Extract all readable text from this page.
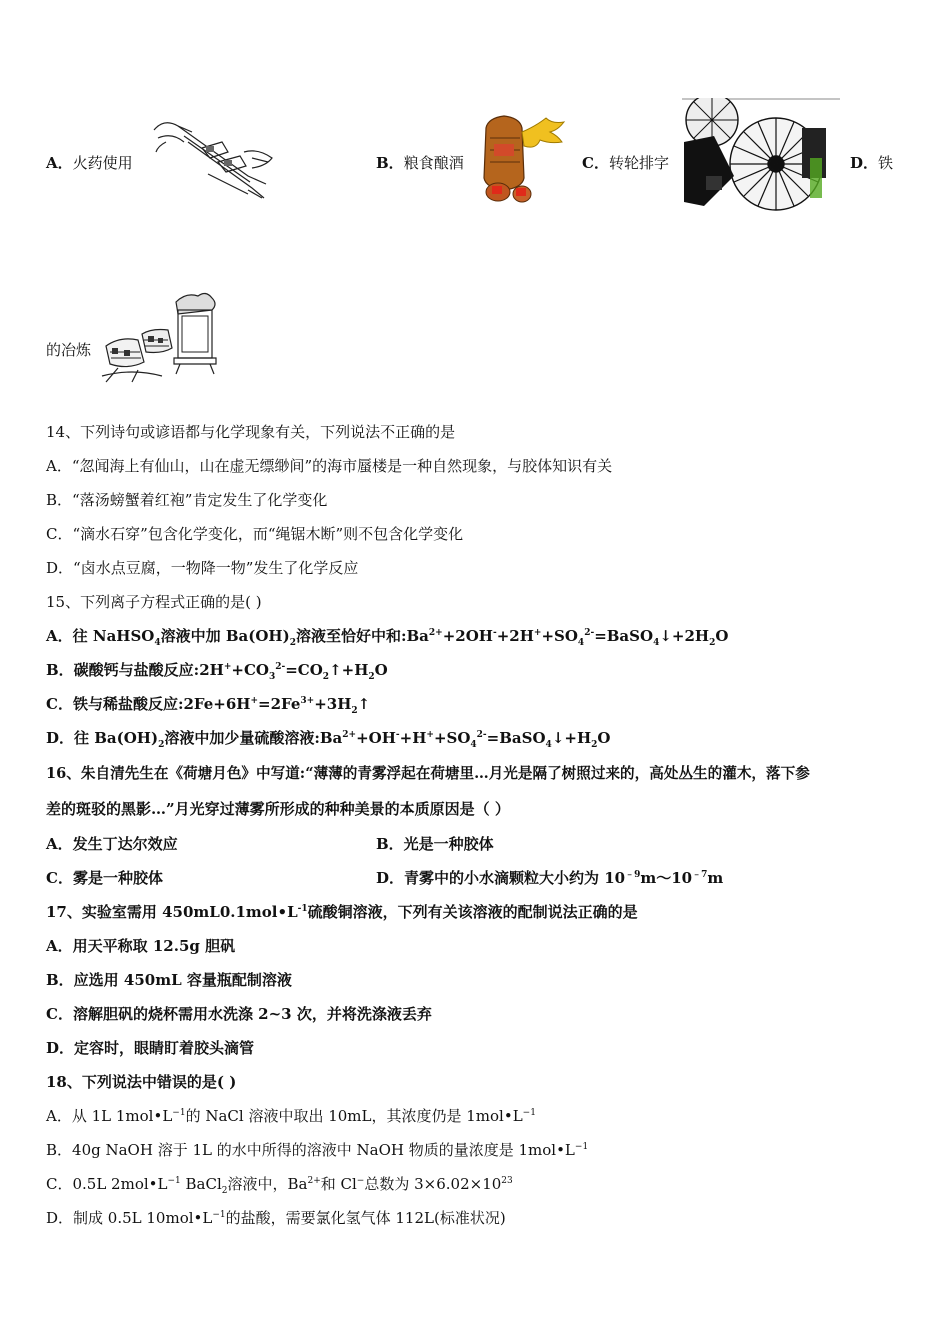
A．火药使用	B．粮食酿酒	C．转轮排字	D．铁
的冶炼
14、下列诗句或谚语都与化学现象有关，下列说法不正确的是
A．“忽闻海上有仙山，山在虚无缥缈间”的海市蜃楼是一种自然现象，与胶体知识有关
B．“落汤螃蟹着红袍”肯定发生了化学变化
C．“滴水石穿”包含化学变化，而“绳锯木断”则不包含化学变化
D．“卤水点豆腐，一物降一物”发生了化学反应
15、下列离子方程式正确的是( )
A．往 NaHSO$_4$溶液中加 $Ba(OH)_2$溶液至恰好中和$:Ba^{2+}+2OH^-+2H^++SO_4^{2-}=BaSO_4↓+2H_2O$
B．碳酸钙与盐酸反应$:2H^++CO_3^{2-}=CO_2↑+H_2O$
C．铁与稀盐酸反应$:2Fe+6H^+=2Fe^{3+}+3H_2↑$
D．往 $Ba(OH)_2$溶液中加少量硫酸溶液$:Ba^{2+}+OH^-+H^++SO_4^{2-}=BaSO_4↓+H_2O$
16、朱自清先生在《荷塘月色》中写道:“薄薄的青雾浮起在荷塘里…月光是隔了树照过来的，高处丛生的灌木，落下参
差的斑驳的黑影…”月光穿过薄雾所形成的种种美景的本质原因是（ ）
A．发生丁达尔效应	B．光是一种胶体
C．雾是一种胶体	D．青雾中的小水滴颗粒大小约为 $10^{﹣9}m\sim 10^{﹣7}m$
17、实验室需用 $450mL0.1mol•L^{-1}$硫酸铜溶液，下列有关该溶液的配制说法正确的是
A．用天平称取 12.5g 胆矾
B．应选用 450mL 容量瓶配制溶液
C．溶解胆矾的烧杯需用水洗涤 2~3 次，并将洗涤液丢弃
D．定容时，眼睛盯着胶头滴管
18、下列说法中错误的是( )
A．从 1L $1mol•L^{-1}$的 NaCl 溶液中取出 10mL，其浓度仍是 $1mol•L^{-1}$
B．40g NaOH 溶于 1L 的水中所得的溶液中 NaOH 物质的量浓度是 $1mol•L^{-1}$
C．0.5L $2mol•L^{-1}$ BaCl$_2$溶液中，$Ba^{2+}$和 Cl−总数为 $3\times 6.02\times 10^{23}$
D．制成 0.5L $10mol•L^{-1}$的盐酸，需要氯化氢气体 112L(标准状况)
